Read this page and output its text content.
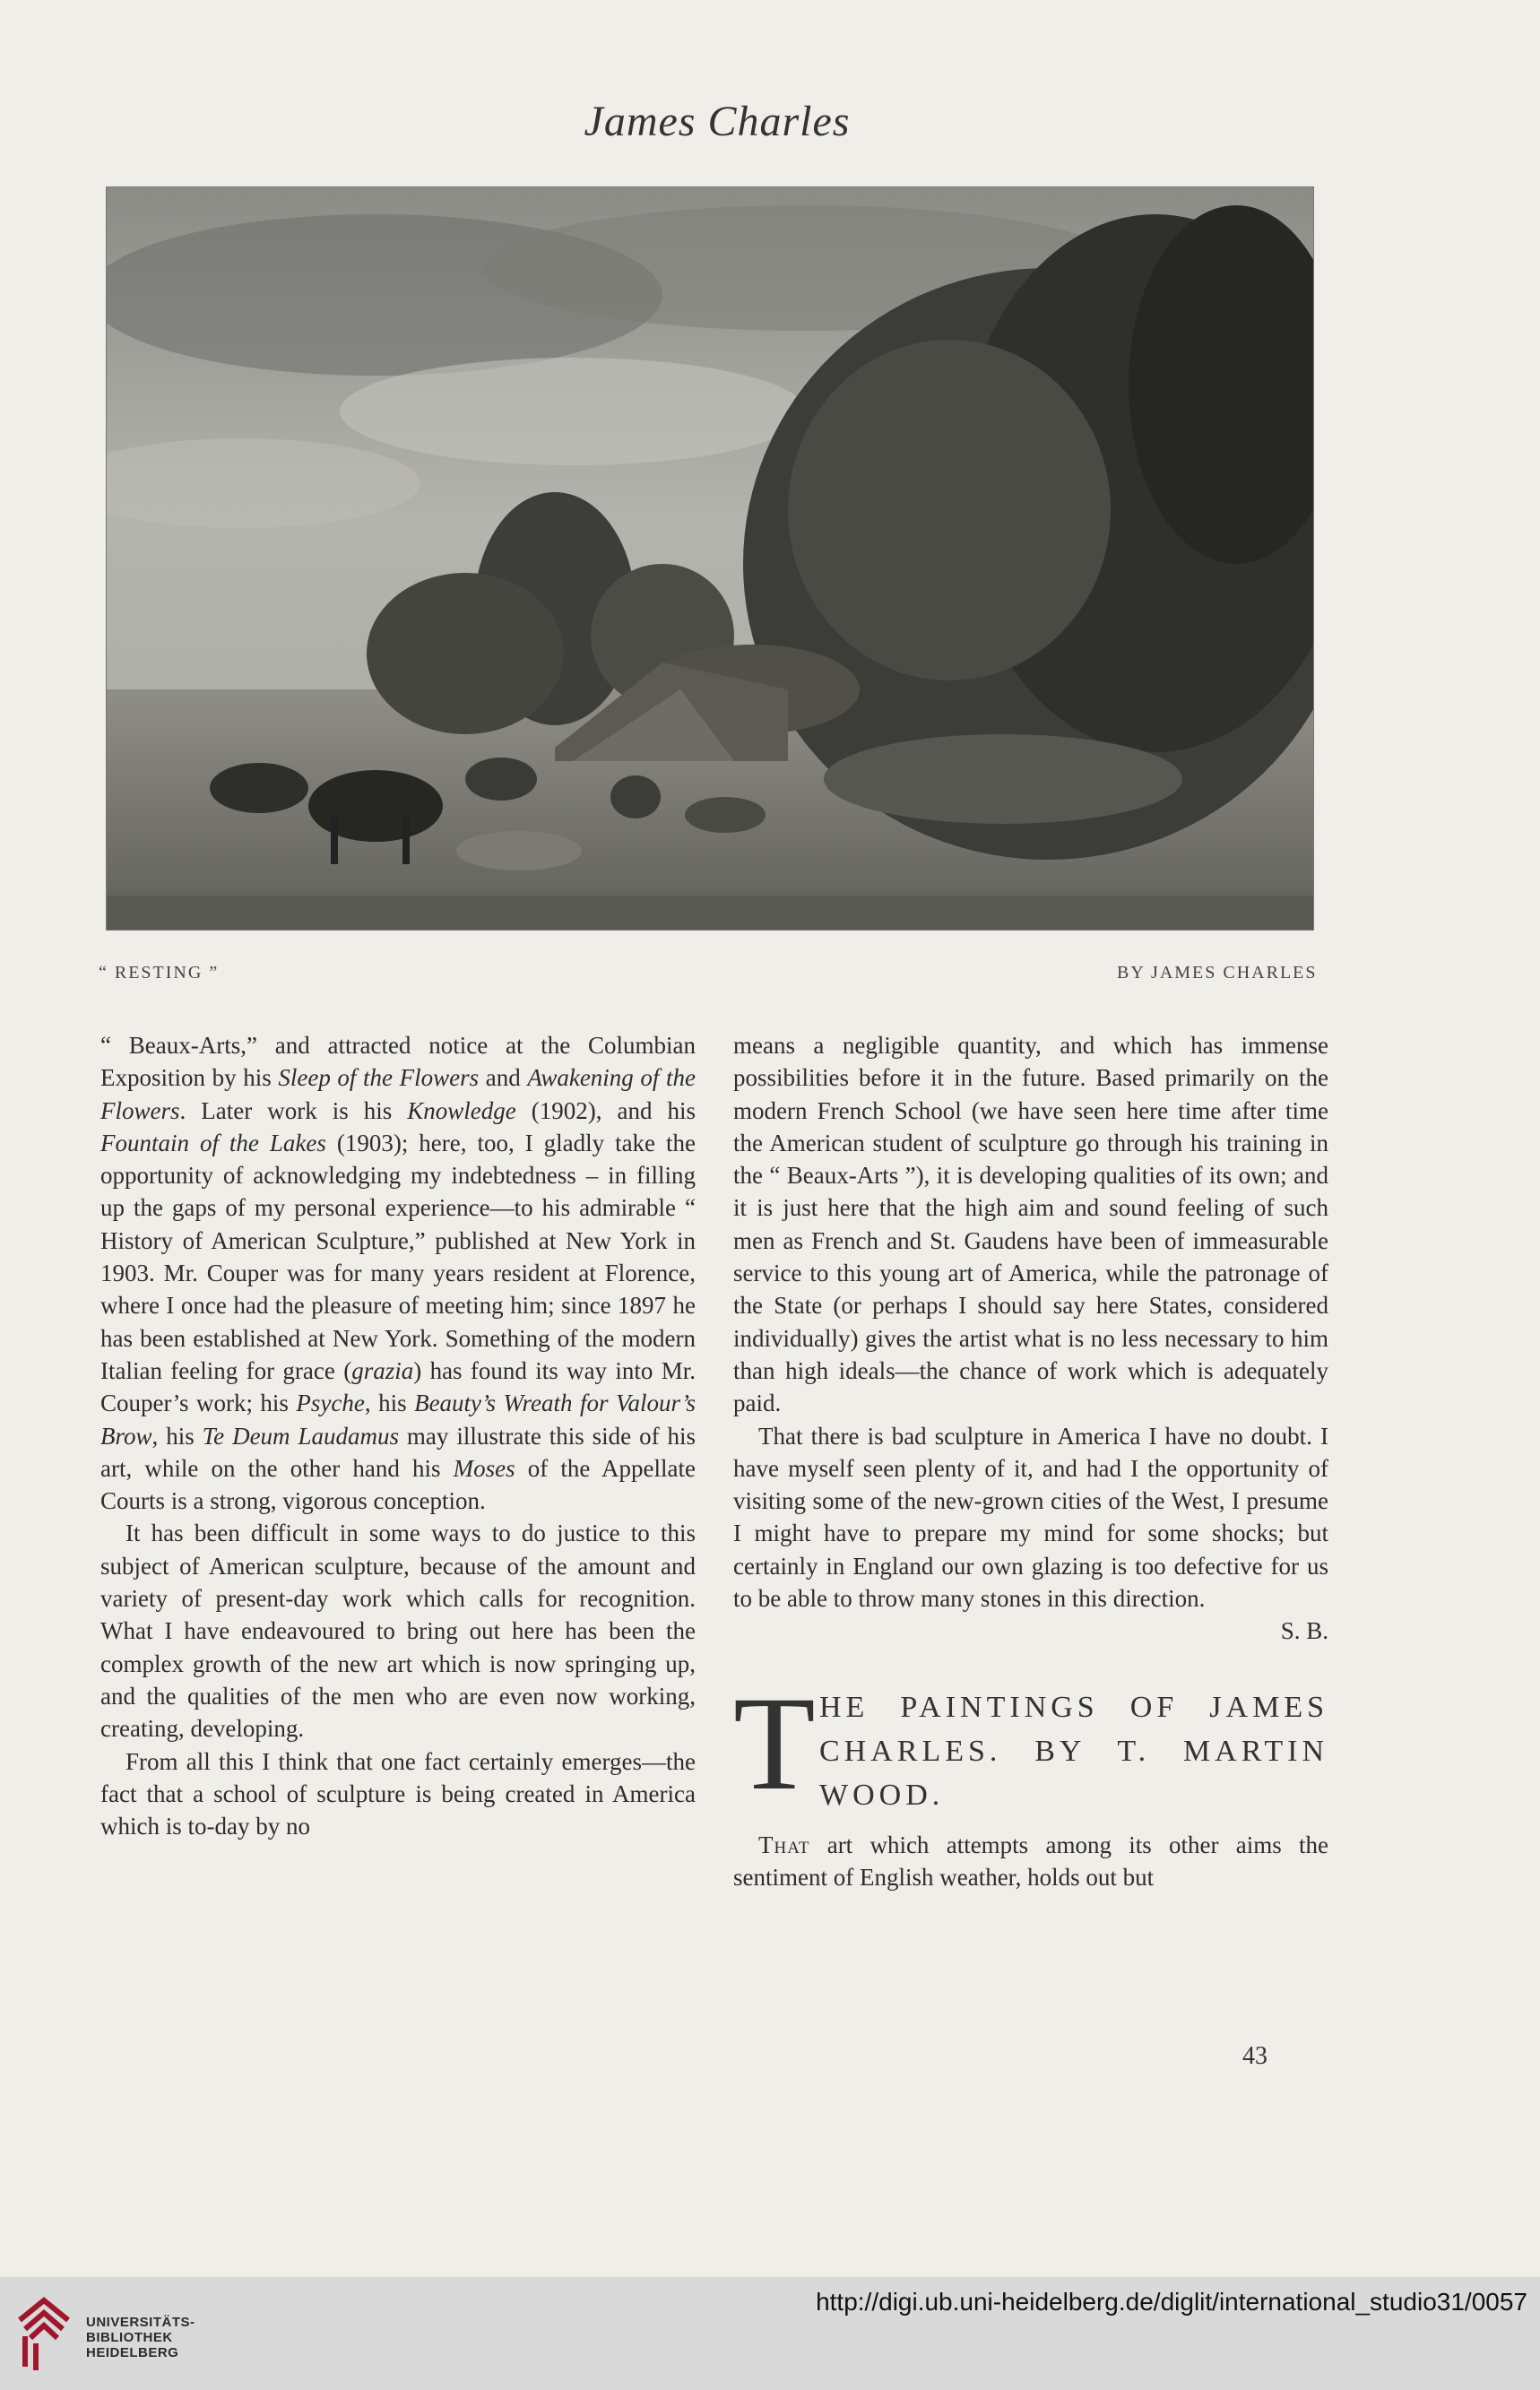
James Charles
“ RESTING ”	BY JAMES CHARLES

“ Beaux-Arts,” and attracted notice at the Columbian Exposition by his Sleep of the Flowers and Awakening of the Flowers. Later work is his Knowledge (1902), and his Fountain of the Lakes (1903); here, too, I gladly take the opportunity of acknowledging my indebtedness – in filling up the gaps of my personal experience—to his admirable “ History of American Sculpture,” published at New York in 1903. Mr. Couper was for many years resident at Florence, where I once had the pleasure of meeting him; since 1897 he has been established at New York. Something of the modern Italian feeling for grace (grazia) has found its way into Mr. Couper’s work; his Psyche, his Beauty’s Wreath for Valour’s Brow, his Te Deum Laudamus may illustrate this side of his art, while on the other hand his Moses of the Appellate Courts is a strong, vigorous conception.

It has been difficult in some ways to do justice to this subject of American sculpture, because of the amount and variety of present-day work which calls for recognition. What I have endeavoured to bring out here has been the complex growth of the new art which is now springing up, and the qualities of the men who are even now working, creating, developing.

From all this I think that one fact certainly emerges—the fact that a school of sculpture is being created in America which is to-day by no

means a negligible quantity, and which has immense possibilities before it in the future. Based primarily on the modern French School (we have seen here time after time the American student of sculpture go through his training in the “ Beaux-Arts ”), it is developing qualities of its own; and it is just here that the high aim and sound feeling of such men as French and St. Gaudens have been of immeasurable service to this young art of America, while the patronage of the State (or perhaps I should say here States, considered individually) gives the artist what is no less necessary to him than high ideals—the chance of work which is adequately paid.

That there is bad sculpture in America I have no doubt. I have myself seen plenty of it, and had I the opportunity of visiting some of the new-grown cities of the West, I presume I might have to prepare my mind for some shocks; but certainly in England our own glazing is too defective for us to be able to throw many stones in this direction.

S. B.

T HE PAINTINGS OF JAMES CHARLES. BY T. MARTIN WOOD.

That art which attempts among its other aims the sentiment of English weather, holds out but

43
UNIVERSITÄTS-
BIBLIOTHEK
HEIDELBERG
http://digi.ub.uni-heidelberg.de/diglit/international_studio31/0057
